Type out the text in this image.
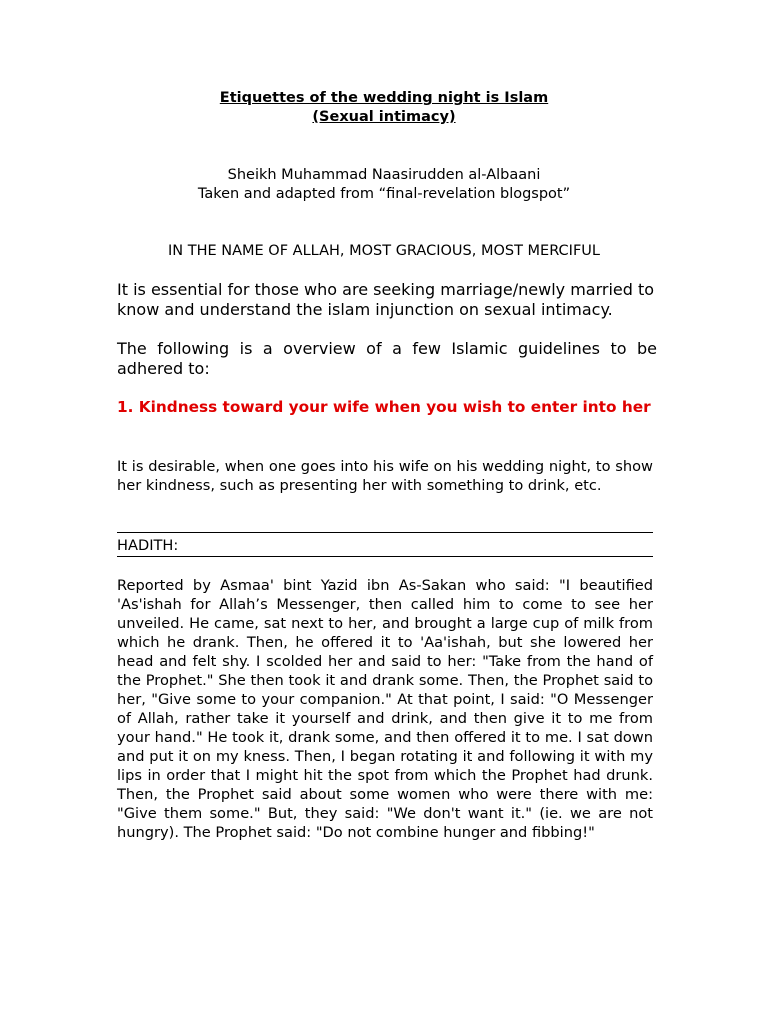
Etiquettes of the wedding night is Islam

(Sexual intimacy)

Sheikh Muhammad Naasirudden al-Albaani

Taken and adapted from “final-revelation blogspot”

IN THE NAME OF ALLAH, MOST GRACIOUS, MOST MERCIFUL

It is essential for those who are seeking marriage/newly married to know and understand the islam injunction on sexual intimacy.

The following is a overview of a few Islamic guidelines to be adhered to:

1. Kindness toward your wife when you wish to enter into her

It is desirable, when one goes into his wife on his wedding night, to show her kindness, such as presenting her with something to drink, etc.

HADITH:

Reported by Asmaa' bint Yazid ibn As-Sakan who said: "I beautified 'As'ishah for Allah’s Messenger, then called him to come to see her unveiled. He came, sat next to her, and brought a large cup of milk from which he drank. Then, he offered it to 'Aa'ishah, but she lowered her head and felt shy. I scolded her and said to her: "Take from the hand of the Prophet." She then took it and drank some. Then, the Prophet said to her, "Give some to your companion." At that point, I said: "O Messenger of Allah, rather take it yourself and drink, and then give it to me from your hand." He took it, drank some, and then offered it to me. I sat down and put it on my kness. Then, I began rotating it and following it with my lips in order that I might hit the spot from which the Prophet had drunk. Then, the Prophet said about some women who were there with me: "Give them some." But, they said: "We don't want it." (ie. we are not hungry). The Prophet said: "Do not combine hunger and fibbing!"
